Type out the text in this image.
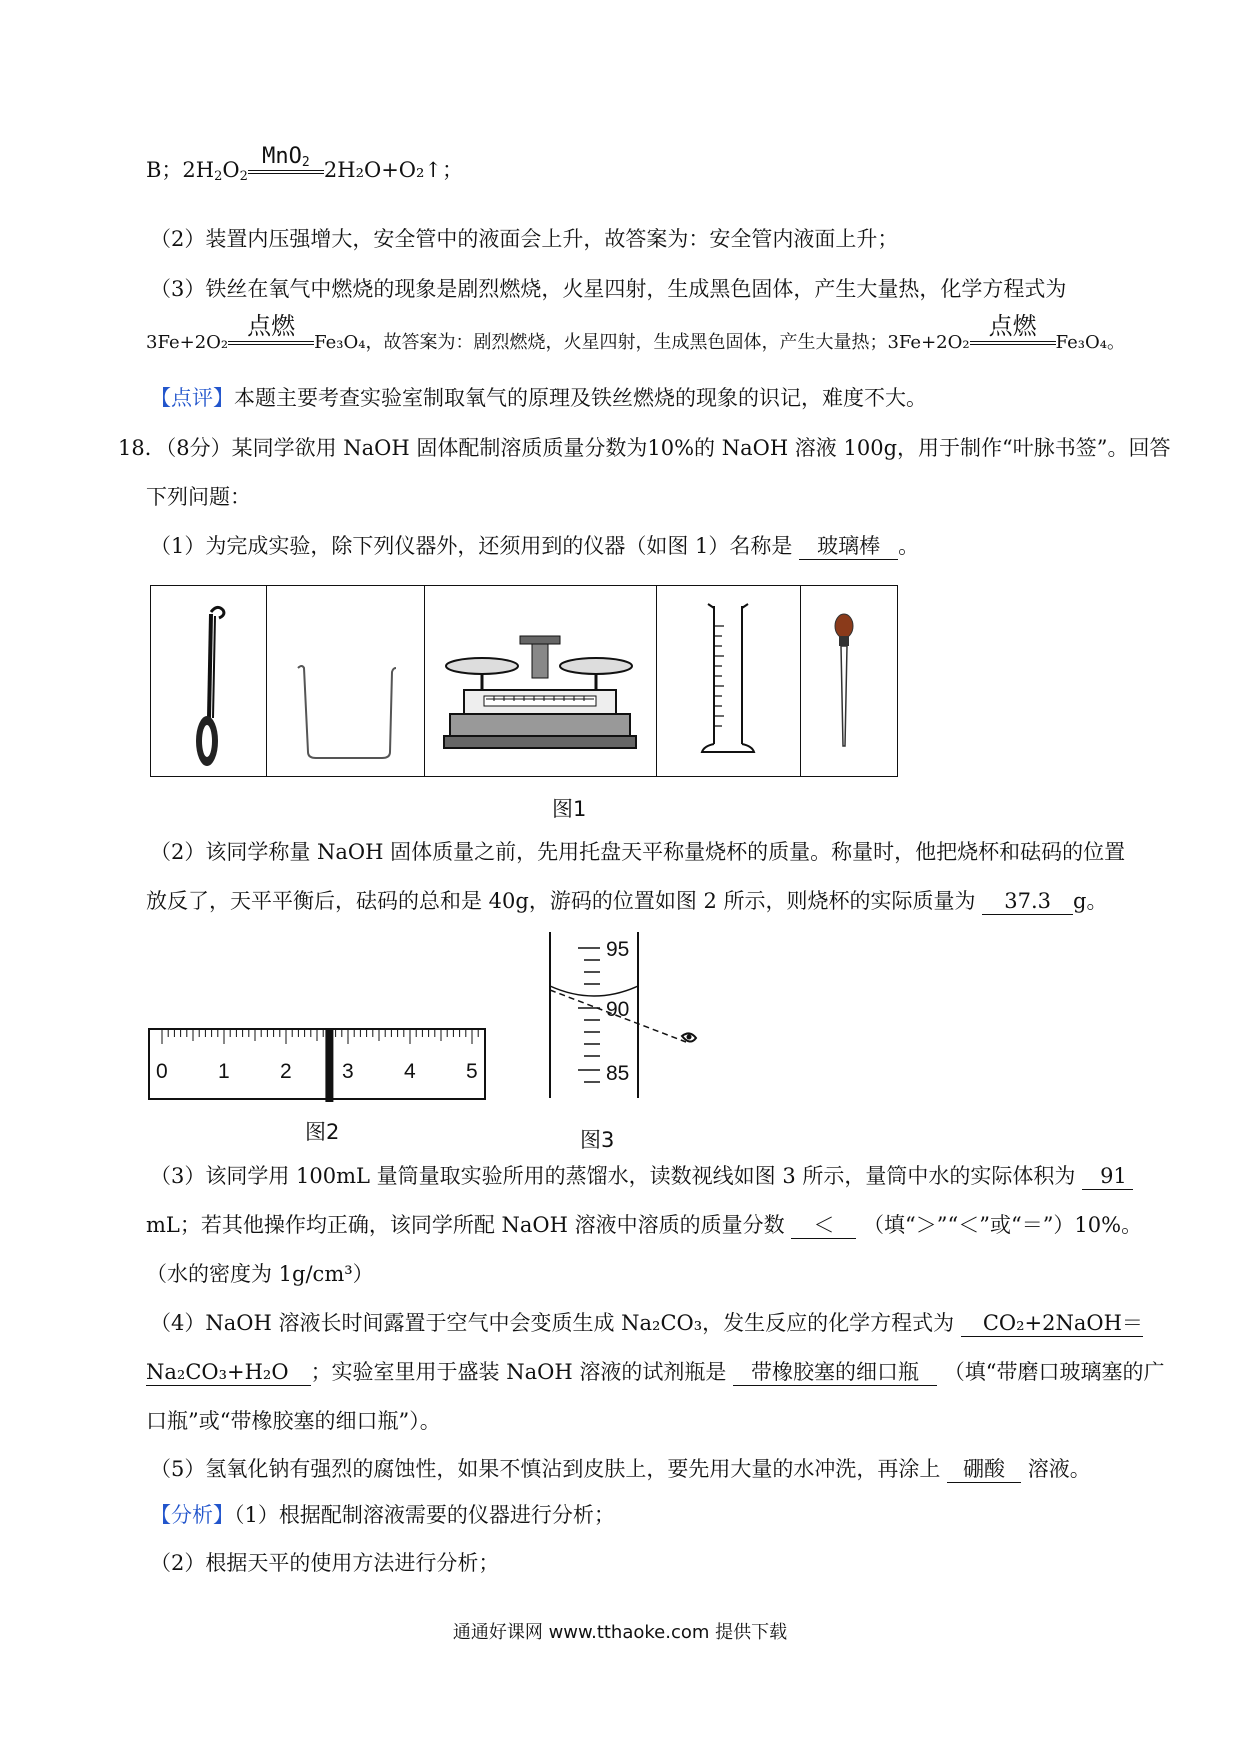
B；$2H_2O_2$
MnO$_2$ 2H₂O+O₂↑；
（2）装置内压强增大，安全管中的液面会上升，故答案为：安全管内液面上升；
（3）铁丝在氧气中燃烧的现象是剧烈燃烧，火星四射，生成黑色固体，产生大量热，化学方程式为
3Fe+2O₂
点燃
Fe₃O₄，故答案为：剧烈燃烧，火星四射，生成黑色固体，产生大量热；3Fe+2O₂
点燃
Fe₃O₄。
【点评】本题主要考查实验室制取氧气的原理及铁丝燃烧的现象的识记，难度不大。
18．（8分）某同学欲用 NaOH 固体配制溶质质量分数为10%的 NaOH 溶液 100g，用于制作“叶脉书签”。回答
下列问题：
（1）为完成实验，除下列仪器外，还须用到的仪器（如图 1）名称是 玻璃棒 。
图1
（2）该同学称量 NaOH 固体质量之前，先用托盘天平称量烧杯的质量。称量时，他把烧杯和砝码的位置
放反了，天平平衡后，砝码的总和是 40g，游码的位置如图 2 所示，则烧杯的实际质量为 37.3 g。
0 1 2 3 4 5
图2
95
90
85
图3
（3）该同学用 100mL 量筒量取实验所用的蒸馏水，读数视线如图 3 所示，量筒中水的实际体积为 91
mL；若其他操作均正确，该同学所配 NaOH 溶液中溶质的质量分数 ＜ （填“＞”“＜”或“＝”）10%。
（水的密度为 1g/cm³）
（4）NaOH 溶液长时间露置于空气中会变质生成 Na₂CO₃，发生反应的化学方程式为 CO₂+2NaOH＝
Na₂CO₃+H₂O ；实验室里用于盛装 NaOH 溶液的试剂瓶是 带橡胶塞的细口瓶 （填“带磨口玻璃塞的广
口瓶”或“带橡胶塞的细口瓶”）。
（5）氢氧化钠有强烈的腐蚀性，如果不慎沾到皮肤上，要先用大量的水冲洗，再涂上 硼酸 溶液。
【分析】（1）根据配制溶液需要的仪器进行分析；
（2）根据天平的使用方法进行分析；
通通好课网 www.tthaoke.com 提供下载
